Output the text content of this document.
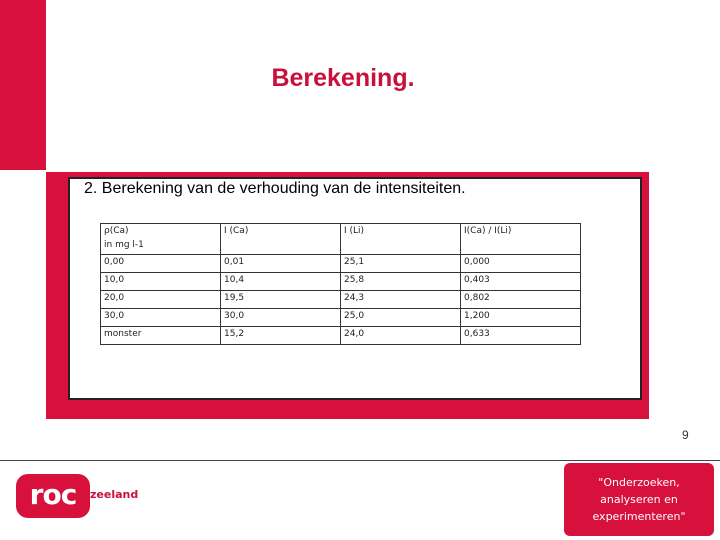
Berekening.
2. Berekening van de verhouding van de intensiteiten.
ρ(Ca)
in mg l-1	I (Ca)	I (Li)	I(Ca) / I(Li)
0,00	0,01	25,1	0,000
10,0	10,4	25,8	0,403
20,0	19,5	24,3	0,802
30,0	30,0	25,0	1,200
monster	15,2	24,0	0,633
9
roc	zeeland
"Onderzoeken,
analyseren en
experimenteren"
